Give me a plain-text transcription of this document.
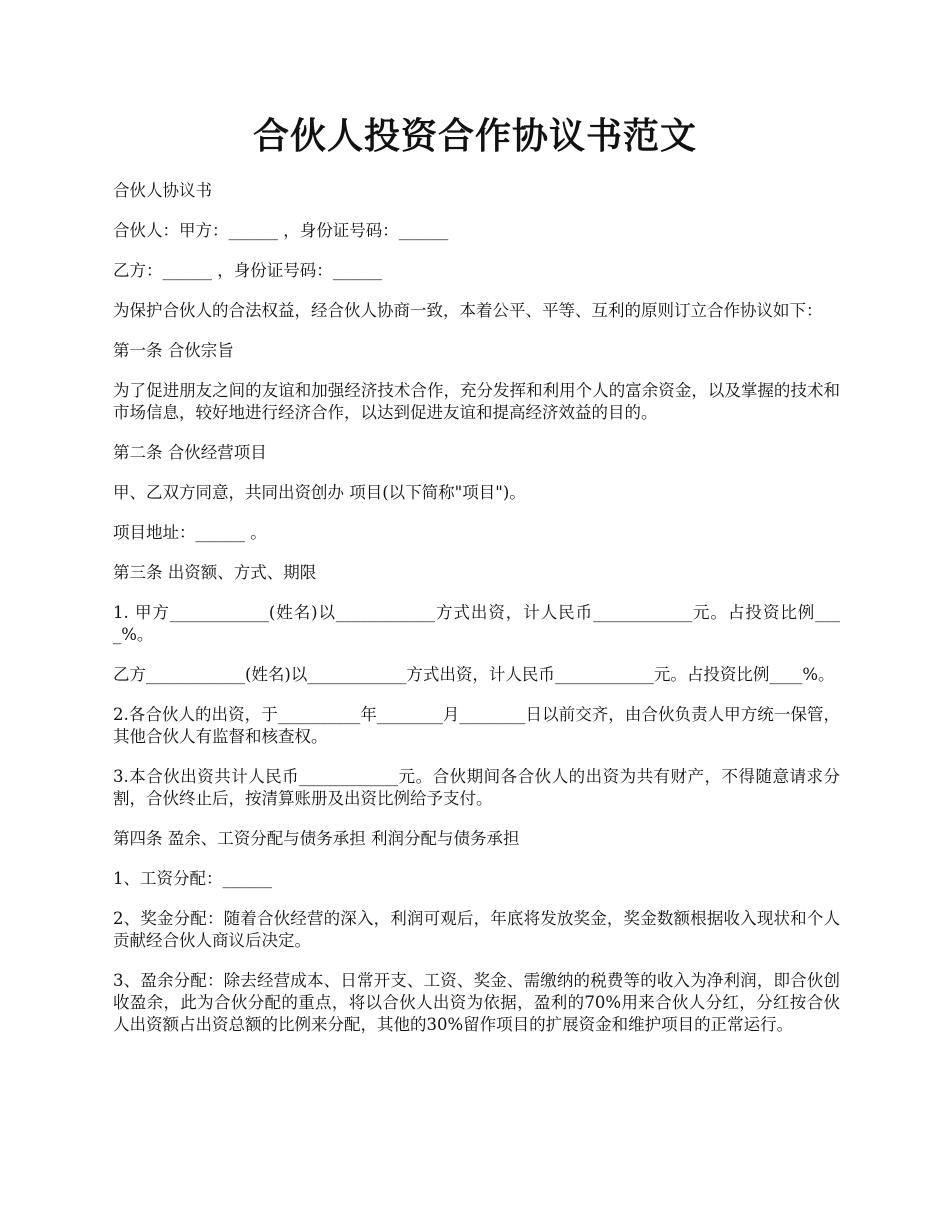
合伙人投资合作协议书范文

合伙人协议书

合伙人：甲方：______ ，身份证号码：______

乙方：______ ，身份证号码：______

为保护合伙人的合法权益，经合伙人协商一致，本着公平、平等、互利的原则订立合作协议如下：

第一条 合伙宗旨

为了促进朋友之间的友谊和加强经济技术合作，充分发挥和利用个人的富余资金，以及掌握的技术和市场信息，较好地进行经济合作，以达到促进友谊和提高经济效益的目的。

第二条 合伙经营项目

甲、乙双方同意，共同出资创办 项目(以下简称"项目")。

项目地址：______ 。

第三条 出资额、方式、期限

1. 甲方____________(姓名)以____________方式出资，计人民币____________元。占投资比例____%。

乙方____________(姓名)以____________方式出资，计人民币____________元。占投资比例____%。

2.各合伙人的出资，于__________年________月________日以前交齐，由合伙负责人甲方统一保管，其他合伙人有监督和核查权。

3.本合伙出资共计人民币____________元。合伙期间各合伙人的出资为共有财产，不得随意请求分割，合伙终止后，按清算账册及出资比例给予支付。

第四条 盈余、工资分配与债务承担 利润分配与债务承担

1、工资分配：______

2、奖金分配：随着合伙经营的深入，利润可观后，年底将发放奖金，奖金数额根据收入现状和个人贡献经合伙人商议后决定。

3、盈余分配：除去经营成本、日常开支、工资、奖金、需缴纳的税费等的收入为净利润，即合伙创收盈余，此为合伙分配的重点，将以合伙人出资为依据，盈利的70%用来合伙人分红，分红按合伙人出资额占出资总额的比例来分配，其他的30%留作项目的扩展资金和维护项目的正常运行。
